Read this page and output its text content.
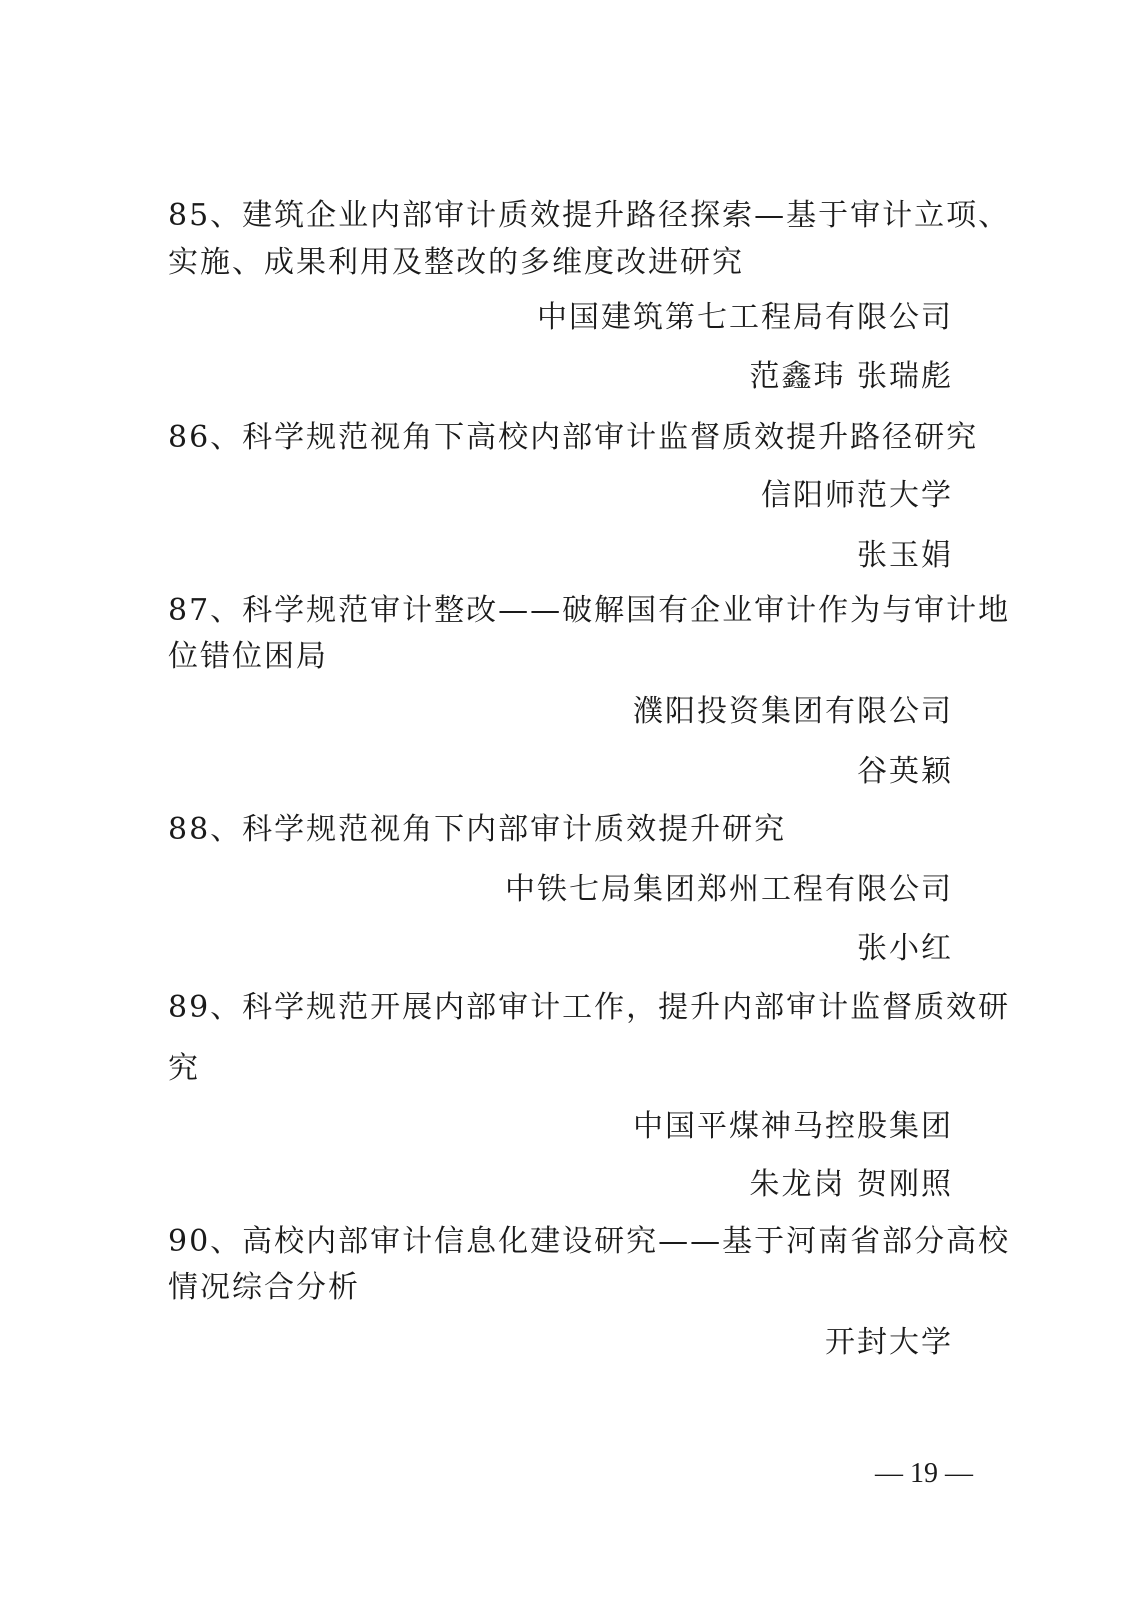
85、建筑企业内部审计质效提升路径探索—基于审计立项、
实施、成果利用及整改的多维度改进研究
中国建筑第七工程局有限公司
范鑫玮 张瑞彪
86、科学规范视角下高校内部审计监督质效提升路径研究
信阳师范大学
张玉娟
87、科学规范审计整改——破解国有企业审计作为与审计地
位错位困局
濮阳投资集团有限公司
谷英颖
88、科学规范视角下内部审计质效提升研究
中铁七局集团郑州工程有限公司
张小红
89、科学规范开展内部审计工作，提升内部审计监督质效研
究
中国平煤神马控股集团
朱龙岗 贺刚照
90、高校内部审计信息化建设研究——基于河南省部分高校
情况综合分析
开封大学
— 19 —
